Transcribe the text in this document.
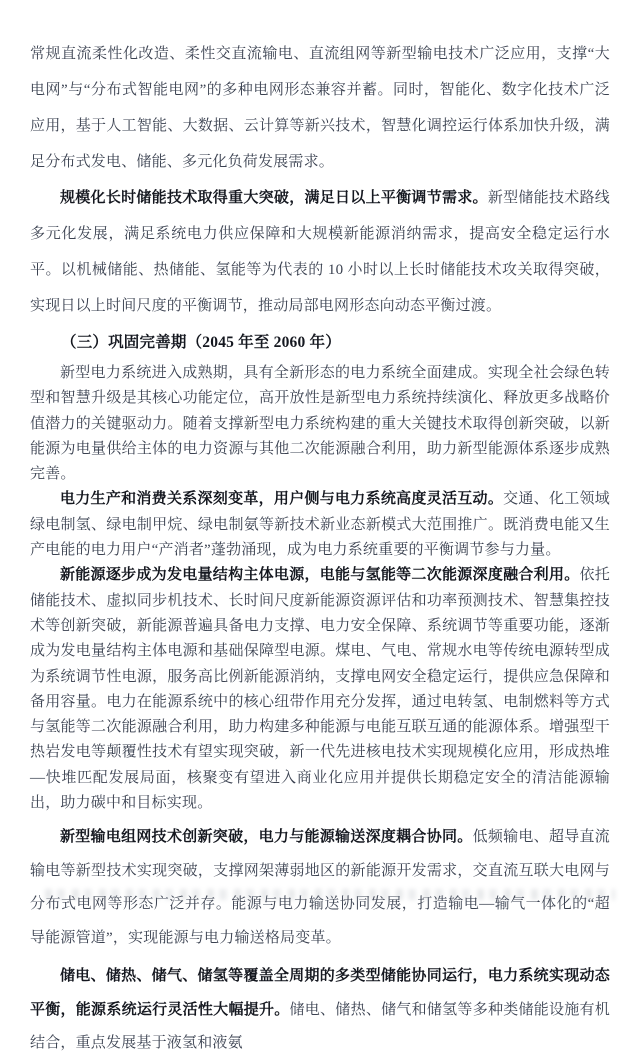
常规直流柔性化改造、柔性交直流输电、直流组网等新型输电技术广泛应用，支撑“大电网”与“分布式智能电网”的多种电网形态兼容并蓄。同时，智能化、数字化技术广泛应用，基于人工智能、大数据、云计算等新兴技术，智慧化调控运行体系加快升级，满足分布式发电、储能、多元化负荷发展需求。

规模化长时储能技术取得重大突破，满足日以上平衡调节需求。新型储能技术路线多元化发展，满足系统电力供应保障和大规模新能源消纳需求，提高安全稳定运行水平。以机械储能、热储能、氢能等为代表的 10 小时以上长时储能技术攻关取得突破，实现日以上时间尺度的平衡调节，推动局部电网形态向动态平衡过渡。

（三）巩固完善期（2045 年至 2060 年）

新型电力系统进入成熟期，具有全新形态的电力系统全面建成。实现全社会绿色转型和智慧升级是其核心功能定位，高开放性是新型电力系统持续演化、释放更多战略价值潜力的关键驱动力。随着支撑新型电力系统构建的重大关键技术取得创新突破，以新能源为电量供给主体的电力资源与其他二次能源融合利用，助力新型能源体系逐步成熟完善。

电力生产和消费关系深刻变革，用户侧与电力系统高度灵活互动。交通、化工领域绿电制氢、绿电制甲烷、绿电制氨等新技术新业态新模式大范围推广。既消费电能又生产电能的电力用户“产消者”蓬勃涌现，成为电力系统重要的平衡调节参与力量。

新能源逐步成为发电量结构主体电源，电能与氢能等二次能源深度融合利用。依托储能技术、虚拟同步机技术、长时间尺度新能源资源评估和功率预测技术、智慧集控技术等创新突破，新能源普遍具备电力支撑、电力安全保障、系统调节等重要功能，逐渐成为发电量结构主体电源和基础保障型电源。煤电、气电、常规水电等传统电源转型成为系统调节性电源，服务高比例新能源消纳，支撑电网安全稳定运行，提供应急保障和备用容量。电力在能源系统中的核心纽带作用充分发挥，通过电转氢、电制燃料等方式与氢能等二次能源融合利用，助力构建多种能源与电能互联互通的能源体系。增强型干热岩发电等颠覆性技术有望实现突破，新一代先进核电技术实现规模化应用，形成热堆—快堆匹配发展局面，核聚变有望进入商业化应用并提供长期稳定安全的清洁能源输出，助力碳中和目标实现。

新型输电组网技术创新突破，电力与能源输送深度耦合协同。低频输电、超导直流输电等新型技术实现突破，支撑网架薄弱地区的新能源开发需求，交直流互联大电网与分布式电网等形态广泛并存。能源与电力输送协同发展，打造输电—输气一体化的“超导能源管道”，实现能源与电力输送格局变革。

储电、储热、储气、储氢等覆盖全周期的多类型储能协同运行，电力系统实现动态平衡，能源系统运行灵活性大幅提升。储电、储热、储气和储氢等多种类储能设施有机结合，重点发展基于液氢和液氨
